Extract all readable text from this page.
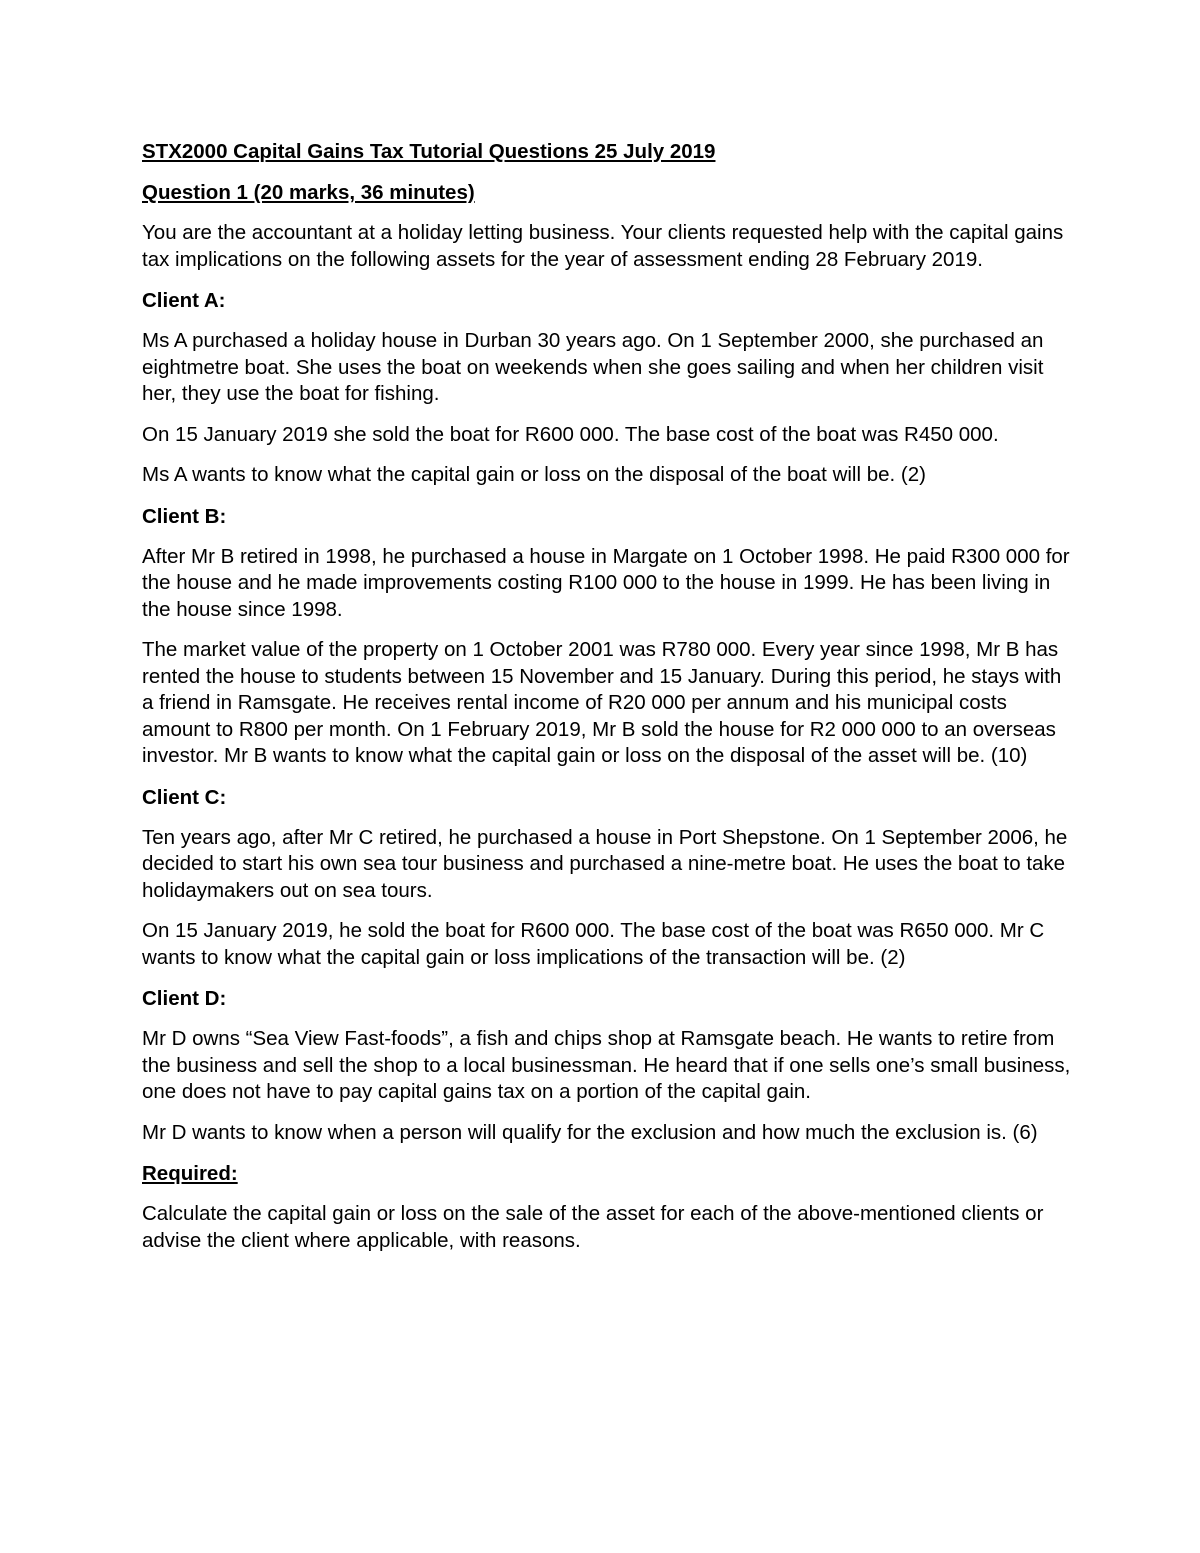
STX2000 Capital Gains Tax Tutorial Questions 25 July 2019
Question 1 (20 marks, 36 minutes)
You are the accountant at a holiday letting business. Your clients requested help with the capital gains tax implications on the following assets for the year of assessment ending 28 February 2019.
Client A:
Ms A purchased a holiday house in Durban 30 years ago. On 1 September 2000, she purchased an eightmetre boat. She uses the boat on weekends when she goes sailing and when her children visit her, they use the boat for fishing.
On 15 January 2019 she sold the boat for R600 000. The base cost of the boat was R450 000.
Ms A wants to know what the capital gain or loss on the disposal of the boat will be. (2)
Client B:
After Mr B retired in 1998, he purchased a house in Margate on 1 October 1998. He paid R300 000 for the house and he made improvements costing R100 000 to the house in 1999. He has been living in the house since 1998.
The market value of the property on 1 October 2001 was R780 000. Every year since 1998, Mr B has rented the house to students between 15 November and 15 January. During this period, he stays with a friend in Ramsgate. He receives rental income of R20 000 per annum and his municipal costs amount to R800 per month. On 1 February 2019, Mr B sold the house for R2 000 000 to an overseas investor. Mr B wants to know what the capital gain or loss on the disposal of the asset will be. (10)
Client C:
Ten years ago, after Mr C retired, he purchased a house in Port Shepstone. On 1 September 2006, he decided to start his own sea tour business and purchased a nine-metre boat. He uses the boat to take holidaymakers out on sea tours.
On 15 January 2019, he sold the boat for R600 000. The base cost of the boat was R650 000. Mr C wants to know what the capital gain or loss implications of the transaction will be. (2)
Client D:
Mr D owns “Sea View Fast-foods”, a fish and chips shop at Ramsgate beach. He wants to retire from the business and sell the shop to a local businessman. He heard that if one sells one’s small business, one does not have to pay capital gains tax on a portion of the capital gain.
Mr D wants to know when a person will qualify for the exclusion and how much the exclusion is. (6)
Required:
Calculate the capital gain or loss on the sale of the asset for each of the above-mentioned clients or advise the client where applicable, with reasons.
